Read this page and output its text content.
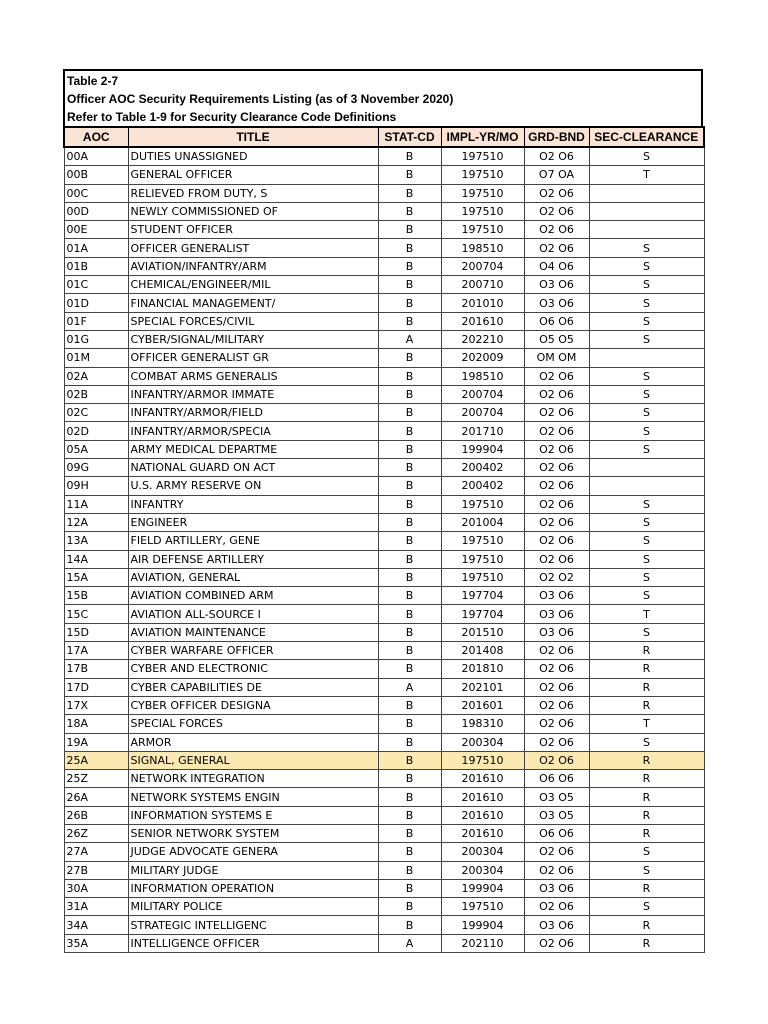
Table 2-7
Officer AOC Security Requirements Listing (as of 3 November 2020)
Refer to Table 1-9 for Security Clearance Code Definitions
AOC	TITLE	STAT-CD	IMPL-YR/MO	GRD-BND	SEC-CLEARANCE
00A	DUTIES UNASSIGNED	B	197510	O2 O6	S
00B	GENERAL OFFICER	B	197510	O7 OA	T
00C	RELIEVED FROM DUTY, S	B	197510	O2 O6	
00D	NEWLY COMMISSIONED OF	B	197510	O2 O6	
00E	STUDENT OFFICER	B	197510	O2 O6	
01A	OFFICER GENERALIST	B	198510	O2 O6	S
01B	AVIATION/INFANTRY/ARM	B	200704	O4 O6	S
01C	CHEMICAL/ENGINEER/MIL	B	200710	O3 O6	S
01D	FINANCIAL MANAGEMENT/	B	201010	O3 O6	S
01F	SPECIAL FORCES/CIVIL	B	201610	O6 O6	S
01G	CYBER/SIGNAL/MILITARY	A	202210	O5 O5	S
01M	OFFICER GENERALIST GR	B	202009	OM OM	
02A	COMBAT ARMS GENERALIS	B	198510	O2 O6	S
02B	INFANTRY/ARMOR IMMATE	B	200704	O2 O6	S
02C	INFANTRY/ARMOR/FIELD	B	200704	O2 O6	S
02D	INFANTRY/ARMOR/SPECIA	B	201710	O2 O6	S
05A	ARMY MEDICAL DEPARTME	B	199904	O2 O6	S
09G	NATIONAL GUARD ON ACT	B	200402	O2 O6	
09H	U.S. ARMY RESERVE ON	B	200402	O2 O6	
11A	INFANTRY	B	197510	O2 O6	S
12A	ENGINEER	B	201004	O2 O6	S
13A	FIELD ARTILLERY, GENE	B	197510	O2 O6	S
14A	AIR DEFENSE ARTILLERY	B	197510	O2 O6	S
15A	AVIATION, GENERAL	B	197510	O2 O2	S
15B	AVIATION COMBINED ARM	B	197704	O3 O6	S
15C	AVIATION ALL-SOURCE I	B	197704	O3 O6	T
15D	AVIATION MAINTENANCE	B	201510	O3 O6	S
17A	CYBER WARFARE OFFICER	B	201408	O2 O6	R
17B	CYBER AND ELECTRONIC	B	201810	O2 O6	R
17D	CYBER CAPABILITIES DE	A	202101	O2 O6	R
17X	CYBER OFFICER DESIGNA	B	201601	O2 O6	R
18A	SPECIAL FORCES	B	198310	O2 O6	T
19A	ARMOR	B	200304	O2 O6	S
25A	SIGNAL, GENERAL	B	197510	O2 O6	R
25Z	NETWORK INTEGRATION	B	201610	O6 O6	R
26A	NETWORK SYSTEMS ENGIN	B	201610	O3 O5	R
26B	INFORMATION SYSTEMS E	B	201610	O3 O5	R
26Z	SENIOR NETWORK SYSTEM	B	201610	O6 O6	R
27A	JUDGE ADVOCATE GENERA	B	200304	O2 O6	S
27B	MILITARY JUDGE	B	200304	O2 O6	S
30A	INFORMATION OPERATION	B	199904	O3 O6	R
31A	MILITARY POLICE	B	197510	O2 O6	S
34A	STRATEGIC INTELLIGENC	B	199904	O3 O6	R
35A	INTELLIGENCE OFFICER	A	202110	O2 O6	R
